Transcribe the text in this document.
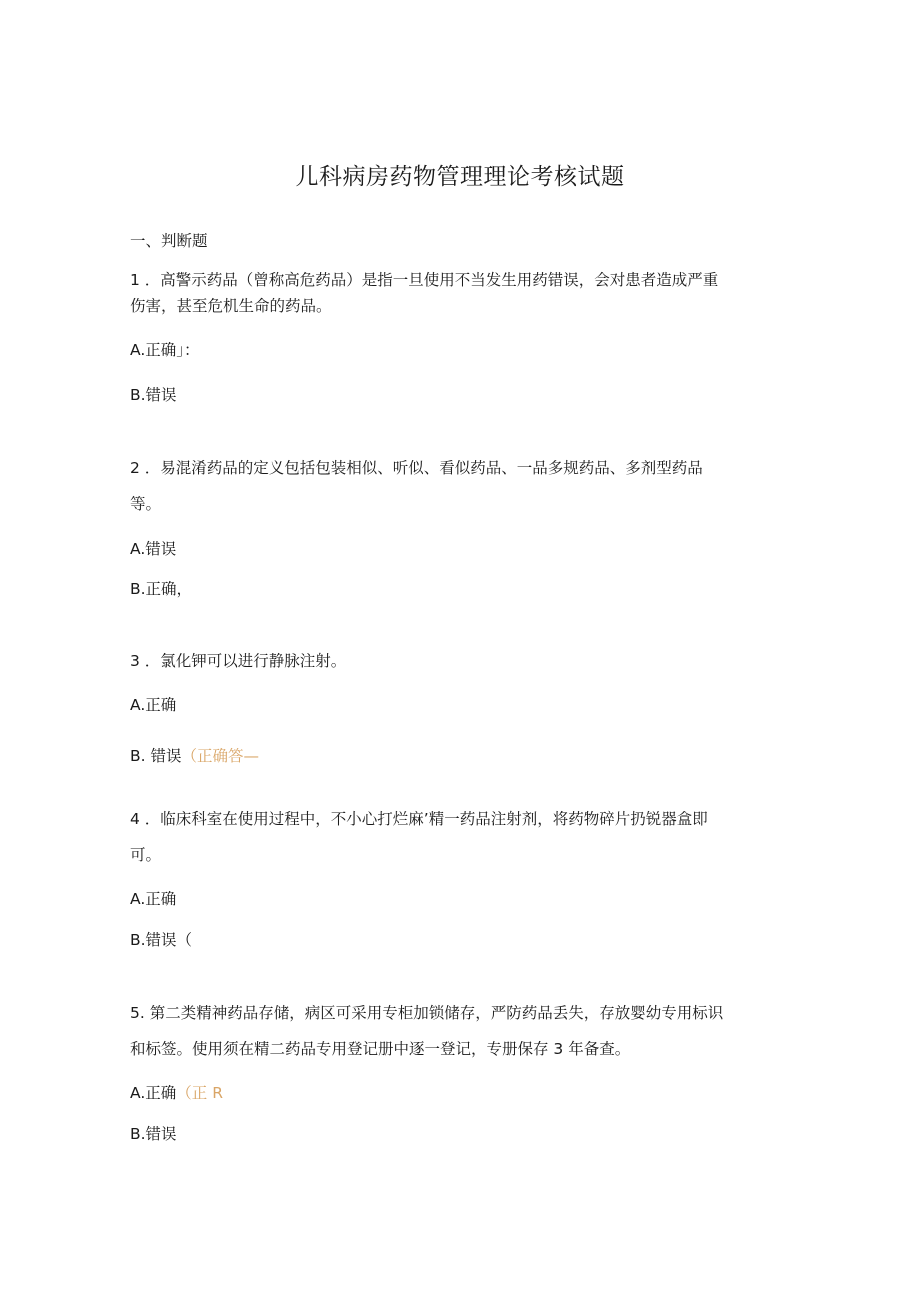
儿科病房药物管理理论考核试题
一、判断题
1 ．高警示药品（曾称高危药品）是指一旦使用不当发生用药错误，会对患者造成严重
伤害，甚至危机生命的药品。
A.正确」：
B.错误
2 ．易混淆药品的定义包括包装相似、听似、看似药品、一品多规药品、多剂型药品
等。
A.错误
B.正确，
3 ．氯化钾可以进行静脉注射。
A.正确
B. 错误（正确答—
4 ．临床科室在使用过程中，不小心打烂麻’精一药品注射剂，将药物碎片扔锐器盒即
可。
A.正确
B.错误（
5. 第二类精神药品存储，病区可采用专柜加锁储存，严防药品丢失，存放婴幼专用标识
和标签。使用须在精二药品专用登记册中逐一登记，专册保存 3 年备查。
A.正确（正 R
B.错误
